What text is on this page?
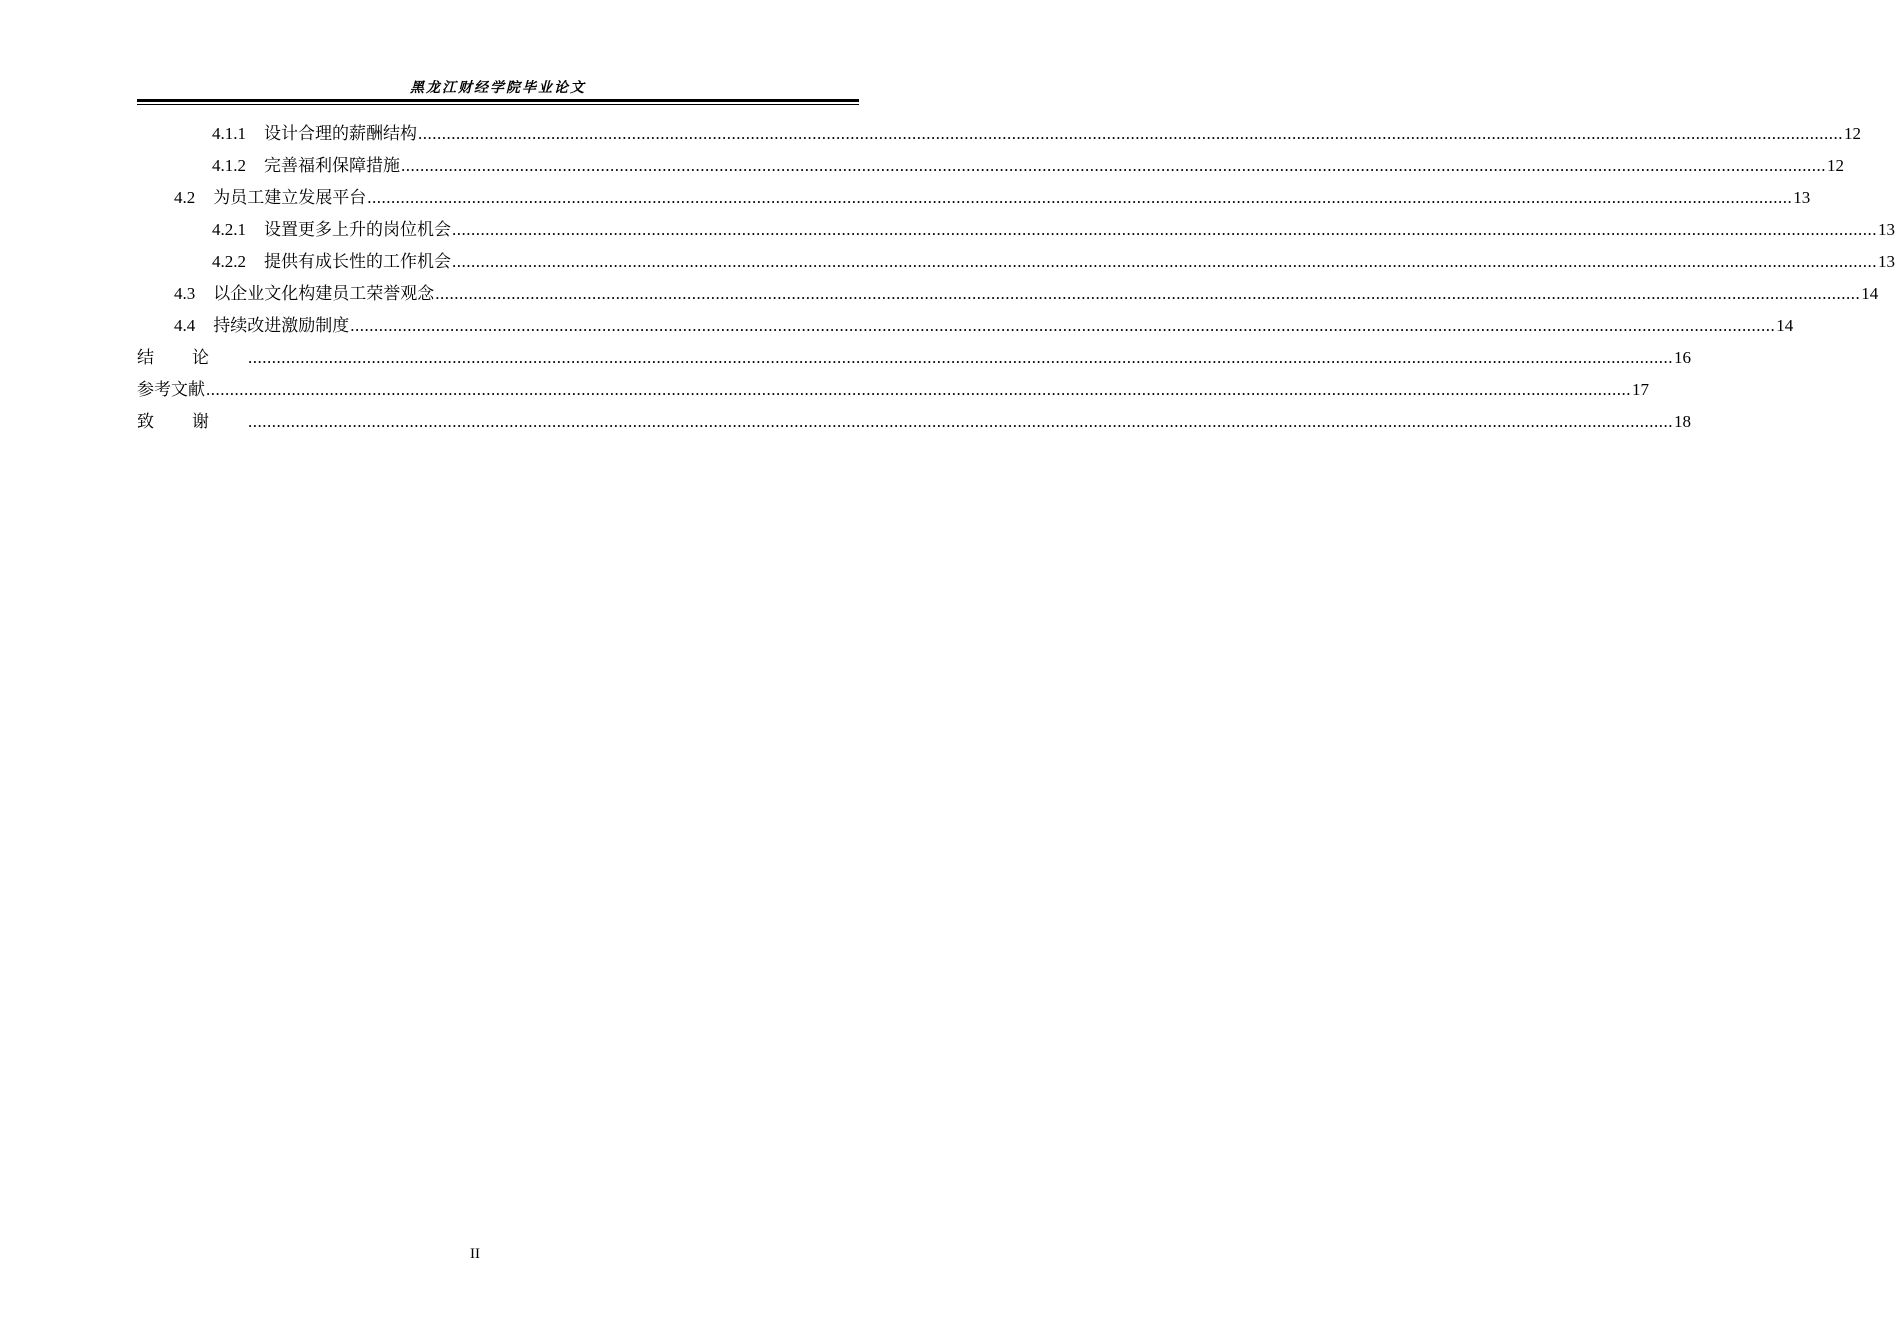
黑龙江财经学院毕业论文
4.1.1 设计合理的薪酬结构 ............................................................................................................................................................................................................................................................................................................ 12
4.1.2 完善福利保障措施 ............................................................................................................................................................................................................................................................................................................ 12
4.2 为员工建立发展平台 ............................................................................................................................................................................................................................................................................................................ 13
4.2.1 设置更多上升的岗位机会 ............................................................................................................................................................................................................................................................................................................ 13
4.2.2 提供有成长性的工作机会 ............................................................................................................................................................................................................................................................................................................ 13
4.3 以企业文化构建员工荣誉观念 ............................................................................................................................................................................................................................................................................................................ 14
4.4 持续改进激励制度 ............................................................................................................................................................................................................................................................................................................ 14
结论 ............................................................................................................................................................................................................................................................................................................ 16
参考文献 ............................................................................................................................................................................................................................................................................................................ 17
致谢 ............................................................................................................................................................................................................................................................................................................ 18
II
